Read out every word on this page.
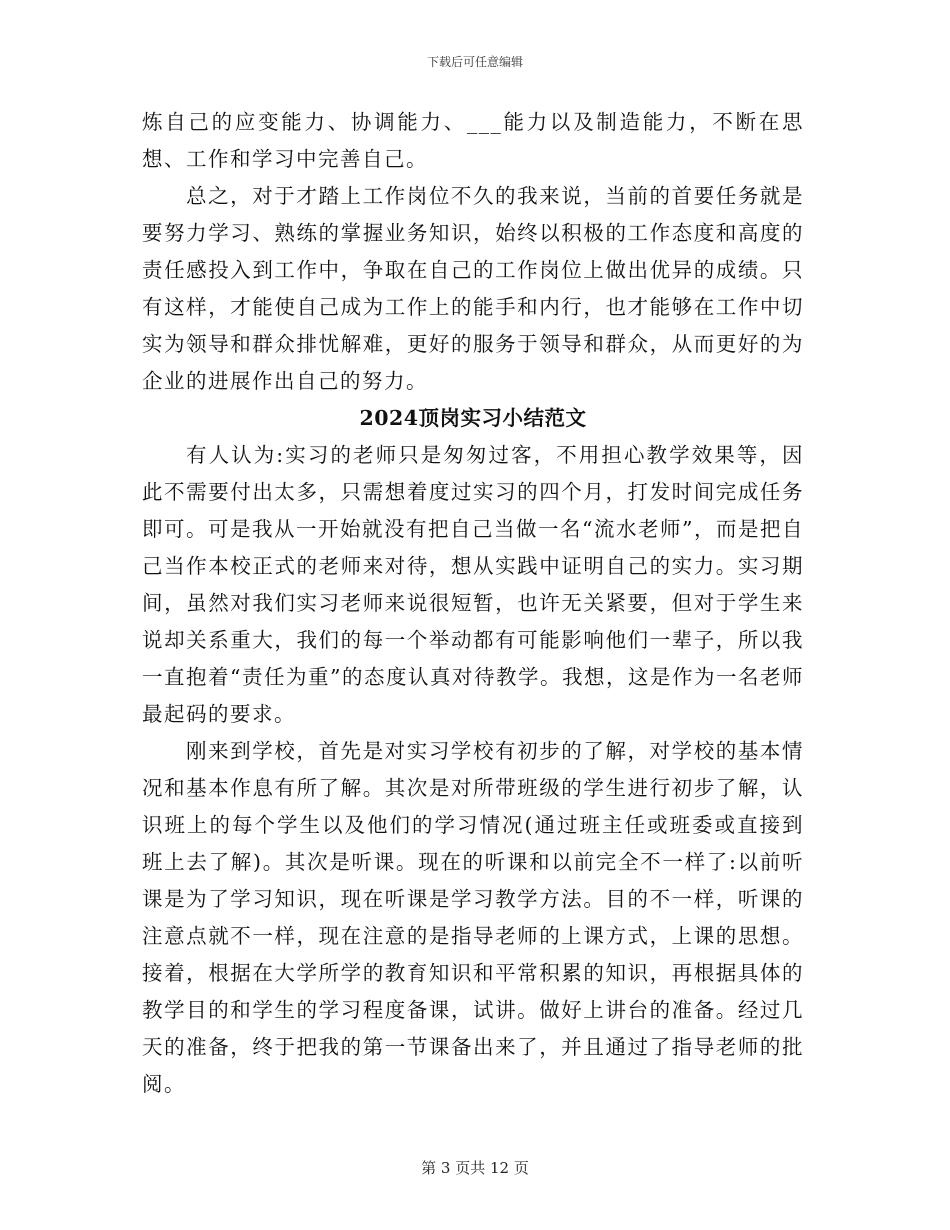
下载后可任意编辑

炼自己的应变能力、协调能力、___能力以及制造能力，不断在思想、工作和学习中完善自己。

总之，对于才踏上工作岗位不久的我来说，当前的首要任务就是要努力学习、熟练的掌握业务知识，始终以积极的工作态度和高度的责任感投入到工作中，争取在自己的工作岗位上做出优异的成绩。只有这样，才能使自己成为工作上的能手和内行，也才能够在工作中切实为领导和群众排忧解难，更好的服务于领导和群众，从而更好的为企业的进展作出自己的努力。

2024顶岗实习小结范文

有人认为:实习的老师只是匆匆过客，不用担心教学效果等，因此不需要付出太多，只需想着度过实习的四个月，打发时间完成任务即可。可是我从一开始就没有把自己当做一名“流水老师”，而是把自己当作本校正式的老师来对待，想从实践中证明自己的实力。实习期间，虽然对我们实习老师来说很短暂，也许无关紧要，但对于学生来说却关系重大，我们的每一个举动都有可能影响他们一辈子，所以我一直抱着“责任为重”的态度认真对待教学。我想，这是作为一名老师最起码的要求。

刚来到学校，首先是对实习学校有初步的了解，对学校的基本情况和基本作息有所了解。其次是对所带班级的学生进行初步了解，认识班上的每个学生以及他们的学习情况(通过班主任或班委或直接到班上去了解)。其次是听课。现在的听课和以前完全不一样了:以前听课是为了学习知识，现在听课是学习教学方法。目的不一样，听课的注意点就不一样，现在注意的是指导老师的上课方式，上课的思想。接着，根据在大学所学的教育知识和平常积累的知识，再根据具体的教学目的和学生的学习程度备课，试讲。做好上讲台的准备。经过几天的准备，终于把我的第一节课备出来了，并且通过了指导老师的批阅。

第 3 页共 12 页
